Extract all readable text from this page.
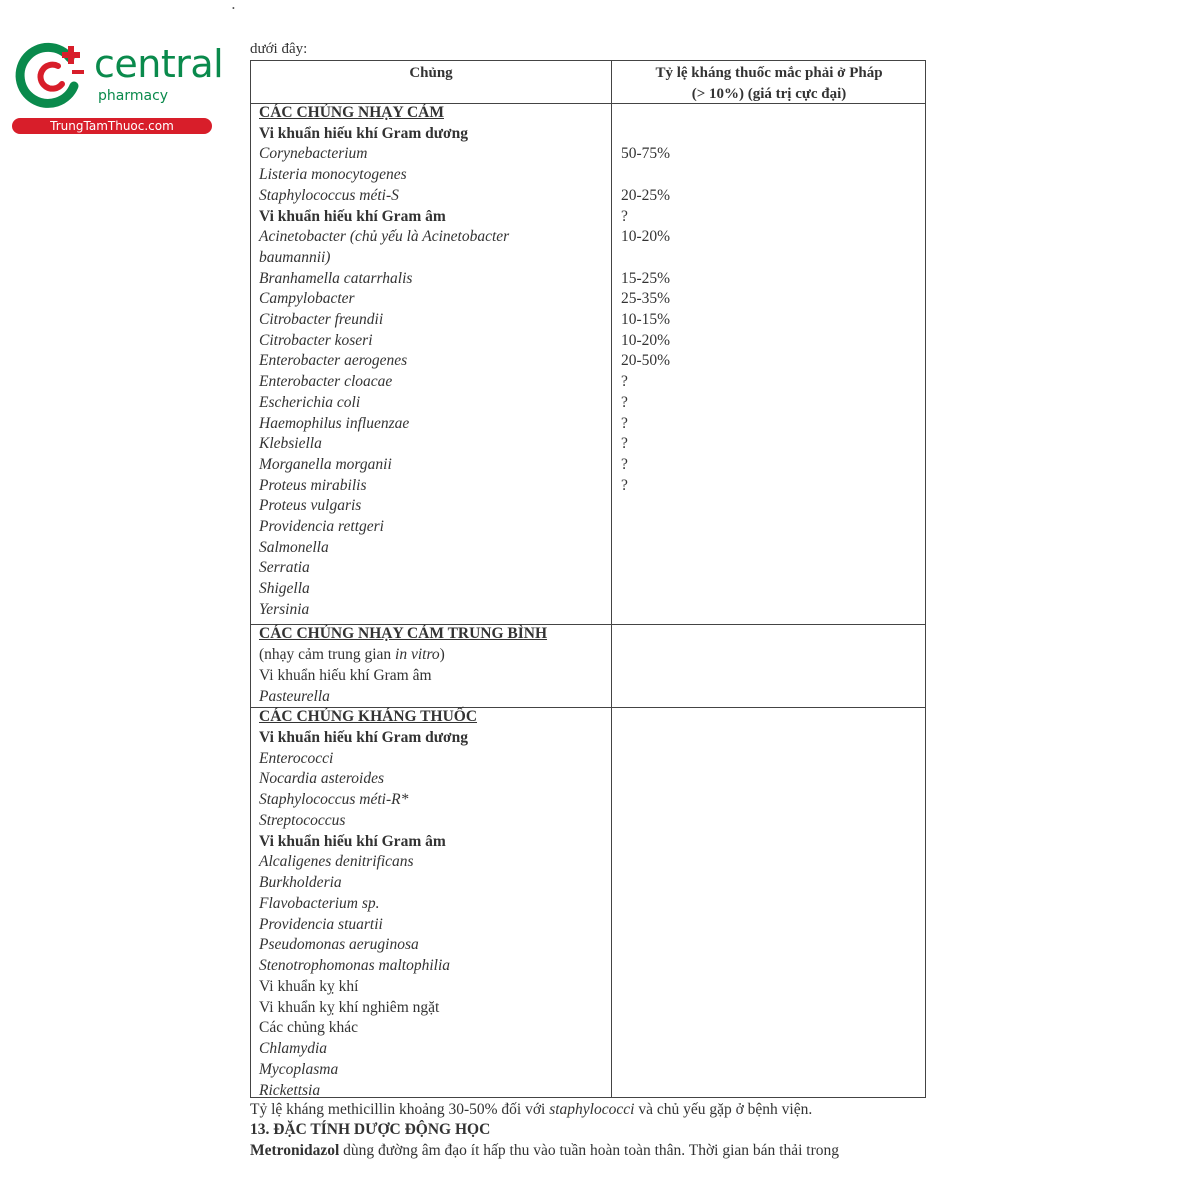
central
pharmacy
TrungTamThuoc.com
•
dưới đây:
Chủng	Tỷ lệ kháng thuốc mắc phải ở Pháp
(> 10%) (giá trị cực đại)
CÁC CHỦNG NHẠY CẢM
Vi khuẩn hiếu khí Gram dương
Corynebacterium	50-75%
Listeria monocytogenes
Staphylococcus méti-S	20-25%
Vi khuẩn hiếu khí Gram âm	?
Acinetobacter (chủ yếu là Acinetobacter	10-20%
baumannii)
Branhamella catarrhalis	15-25%
Campylobacter	25-35%
Citrobacter freundii	10-15%
Citrobacter koseri	10-20%
Enterobacter aerogenes	20-50%
Enterobacter cloacae	?
Escherichia coli	?
Haemophilus influenzae	?
Klebsiella	?
Morganella morganii	?
Proteus mirabilis	?
Proteus vulgaris
Providencia rettgeri
Salmonella
Serratia
Shigella
Yersinia
CÁC CHỦNG NHẠY CẢM TRUNG BÌNH
(nhạy cảm trung gian in vitro)
Vi khuẩn hiếu khí Gram âm
Pasteurella
CÁC CHỦNG KHÁNG THUỐC
Vi khuẩn hiếu khí Gram dương
Enterococci
Nocardia asteroides
Staphylococcus méti-R*
Streptococcus
Vi khuẩn hiếu khí Gram âm
Alcaligenes denitrificans
Burkholderia
Flavobacterium sp.
Providencia stuartii
Pseudomonas aeruginosa
Stenotrophomonas maltophilia
Vi khuẩn kỵ khí
Vi khuẩn kỵ khí nghiêm ngặt
Các chủng khác
Chlamydia
Mycoplasma
Rickettsia
Tỷ lệ kháng methicillin khoảng 30-50% đối với staphylococci và chủ yếu gặp ở bệnh viện.
13. ĐẶC TÍNH DƯỢC ĐỘNG HỌC
Metronidazol dùng đường âm đạo ít hấp thu vào tuần hoàn toàn thân. Thời gian bán thải trong
